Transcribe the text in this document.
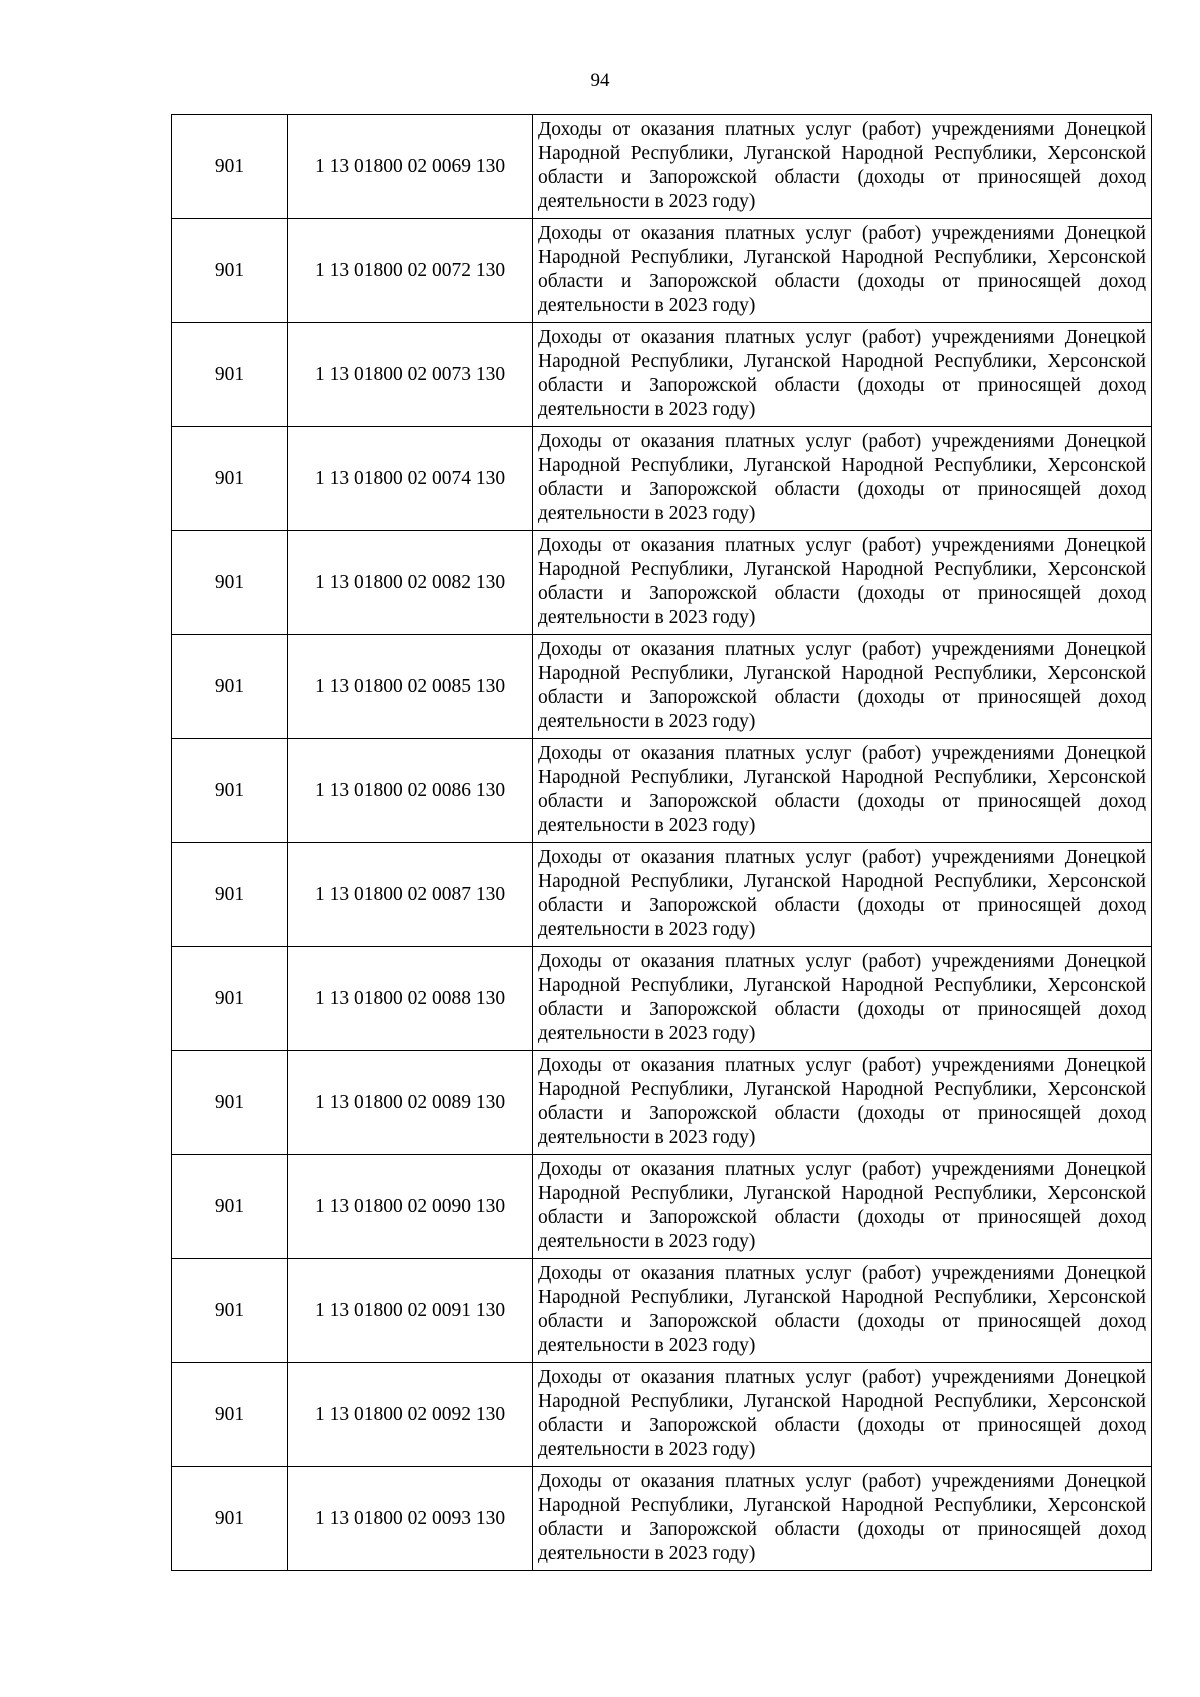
94
901	1 13 01800 02 0069 130	Доходы от оказания платных услуг (работ) учреждениями Донецкой Народной Республики, Луганской Народной Республики, Херсонской области и Запорожской области (доходы от приносящей доход деятельности в 2023 году)
901	1 13 01800 02 0072 130	Доходы от оказания платных услуг (работ) учреждениями Донецкой Народной Республики, Луганской Народной Республики, Херсонской области и Запорожской области (доходы от приносящей доход деятельности в 2023 году)
901	1 13 01800 02 0073 130	Доходы от оказания платных услуг (работ) учреждениями Донецкой Народной Республики, Луганской Народной Республики, Херсонской области и Запорожской области (доходы от приносящей доход деятельности в 2023 году)
901	1 13 01800 02 0074 130	Доходы от оказания платных услуг (работ) учреждениями Донецкой Народной Республики, Луганской Народной Республики, Херсонской области и Запорожской области (доходы от приносящей доход деятельности в 2023 году)
901	1 13 01800 02 0082 130	Доходы от оказания платных услуг (работ) учреждениями Донецкой Народной Республики, Луганской Народной Республики, Херсонской области и Запорожской области (доходы от приносящей доход деятельности в 2023 году)
901	1 13 01800 02 0085 130	Доходы от оказания платных услуг (работ) учреждениями Донецкой Народной Республики, Луганской Народной Республики, Херсонской области и Запорожской области (доходы от приносящей доход деятельности в 2023 году)
901	1 13 01800 02 0086 130	Доходы от оказания платных услуг (работ) учреждениями Донецкой Народной Республики, Луганской Народной Республики, Херсонской области и Запорожской области (доходы от приносящей доход деятельности в 2023 году)
901	1 13 01800 02 0087 130	Доходы от оказания платных услуг (работ) учреждениями Донецкой Народной Республики, Луганской Народной Республики, Херсонской области и Запорожской области (доходы от приносящей доход деятельности в 2023 году)
901	1 13 01800 02 0088 130	Доходы от оказания платных услуг (работ) учреждениями Донецкой Народной Республики, Луганской Народной Республики, Херсонской области и Запорожской области (доходы от приносящей доход деятельности в 2023 году)
901	1 13 01800 02 0089 130	Доходы от оказания платных услуг (работ) учреждениями Донецкой Народной Республики, Луганской Народной Республики, Херсонской области и Запорожской области (доходы от приносящей доход деятельности в 2023 году)
901	1 13 01800 02 0090 130	Доходы от оказания платных услуг (работ) учреждениями Донецкой Народной Республики, Луганской Народной Республики, Херсонской области и Запорожской области (доходы от приносящей доход деятельности в 2023 году)
901	1 13 01800 02 0091 130	Доходы от оказания платных услуг (работ) учреждениями Донецкой Народной Республики, Луганской Народной Республики, Херсонской области и Запорожской области (доходы от приносящей доход деятельности в 2023 году)
901	1 13 01800 02 0092 130	Доходы от оказания платных услуг (работ) учреждениями Донецкой Народной Республики, Луганской Народной Республики, Херсонской области и Запорожской области (доходы от приносящей доход деятельности в 2023 году)
901	1 13 01800 02 0093 130	Доходы от оказания платных услуг (работ) учреждениями Донецкой Народной Республики, Луганской Народной Республики, Херсонской области и Запорожской области (доходы от приносящей доход деятельности в 2023 году)
